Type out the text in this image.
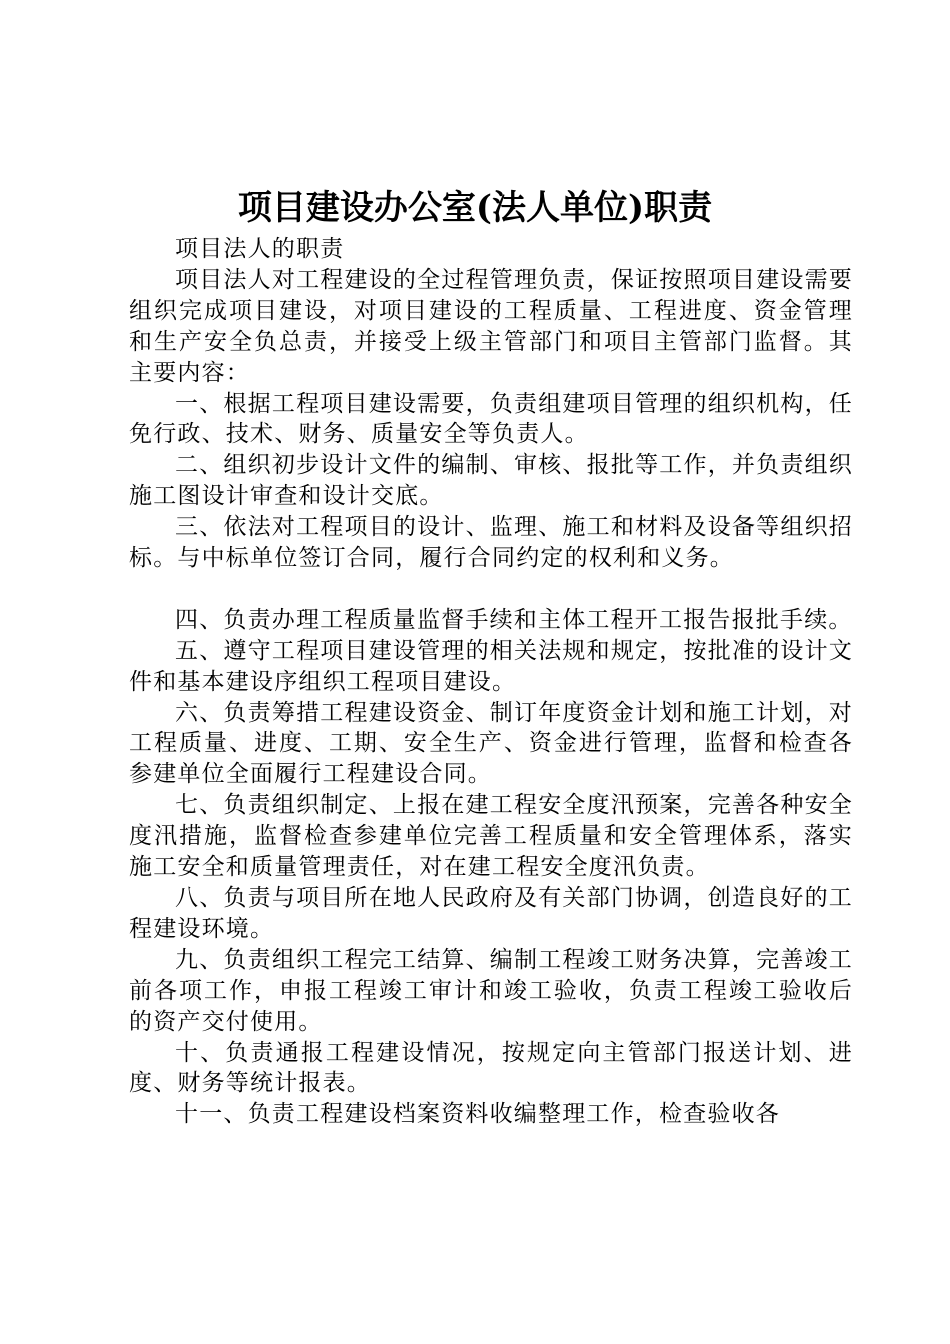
项目建设办公室(法人单位)职责

项目法人的职责

项目法人对工程建设的全过程管理负责，保证按照项目建设需要组织完成项目建设，对项目建设的工程质量、工程进度、资金管理和生产安全负总责，并接受上级主管部门和项目主管部门监督。其主要内容：

一、根据工程项目建设需要，负责组建项目管理的组织机构，任免行政、技术、财务、质量安全等负责人。

二、组织初步设计文件的编制、审核、报批等工作，并负责组织施工图设计审查和设计交底。

三、依法对工程项目的设计、监理、施工和材料及设备等组织招标。与中标单位签订合同，履行合同约定的权利和义务。

四、负责办理工程质量监督手续和主体工程开工报告报批手续。

五、遵守工程项目建设管理的相关法规和规定，按批准的设计文件和基本建设序组织工程项目建设。

六、负责筹措工程建设资金、制订年度资金计划和施工计划，对工程质量、进度、工期、安全生产、资金进行管理，监督和检查各参建单位全面履行工程建设合同。

七、负责组织制定、上报在建工程安全度汛预案，完善各种安全度汛措施，监督检查参建单位完善工程质量和安全管理体系，落实施工安全和质量管理责任，对在建工程安全度汛负责。

八、负责与项目所在地人民政府及有关部门协调，创造良好的工程建设环境。

九、负责组织工程完工结算、编制工程竣工财务决算，完善竣工前各项工作，申报工程竣工审计和竣工验收，负责工程竣工验收后的资产交付使用。

十、负责通报工程建设情况，按规定向主管部门报送计划、进度、财务等统计报表。

十一、负责工程建设档案资料收编整理工作，检查验收各
